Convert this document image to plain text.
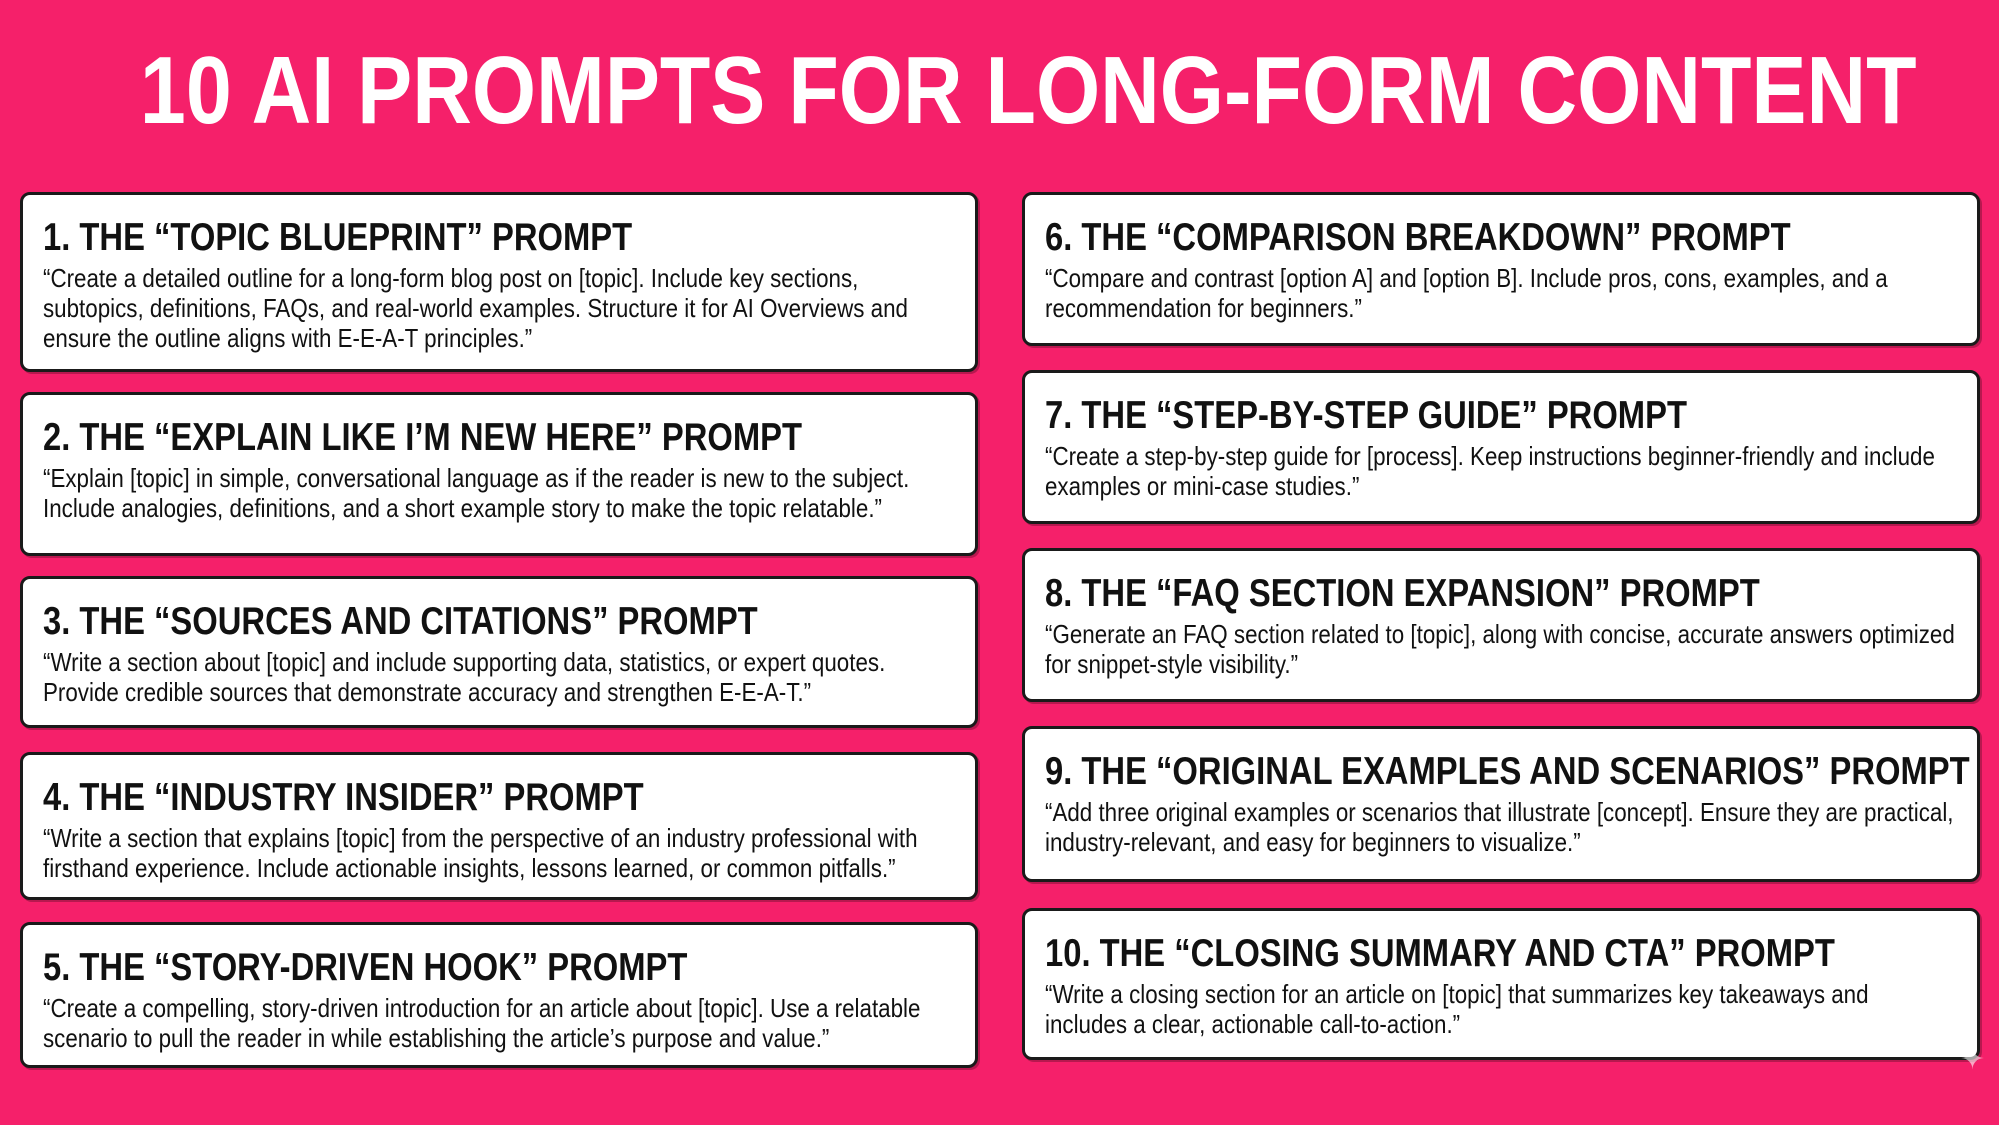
10 AI PROMPTS FOR LONG-FORM CONTENT
1. THE “TOPIC BLUEPRINT” PROMPT
“Create a detailed outline for a long-form blog post on [topic]. Include key sections, subtopics, definitions, FAQs, and real-world examples. Structure it for AI Overviews and ensure the outline aligns with E-E-A-T principles.”
2. THE “EXPLAIN LIKE I’M NEW HERE” PROMPT
“Explain [topic] in simple, conversational language as if the reader is new to the subject. Include analogies, definitions, and a short example story to make the topic relatable.”
3. THE “SOURCES AND CITATIONS” PROMPT
“Write a section about [topic] and include supporting data, statistics, or expert quotes. Provide credible sources that demonstrate accuracy and strengthen E-E-A-T.”
4. THE “INDUSTRY INSIDER” PROMPT
“Write a section that explains [topic] from the perspective of an industry professional with firsthand experience. Include actionable insights, lessons learned, or common pitfalls.”
5. THE “STORY-DRIVEN HOOK” PROMPT
“Create a compelling, story-driven introduction for an article about [topic]. Use a relatable scenario to pull the reader in while establishing the article’s purpose and value.”
6. THE “COMPARISON BREAKDOWN” PROMPT
“Compare and contrast [option A] and [option B]. Include pros, cons, examples, and a recommendation for beginners.”
7. THE “STEP-BY-STEP GUIDE” PROMPT
“Create a step-by-step guide for [process]. Keep instructions beginner-friendly and include examples or mini-case studies.”
8. THE “FAQ SECTION EXPANSION” PROMPT
“Generate an FAQ section related to [topic], along with concise, accurate answers optimized for snippet-style visibility.”
9. THE “ORIGINAL EXAMPLES AND SCENARIOS” PROMPT
“Add three original examples or scenarios that illustrate [concept]. Ensure they are practical, industry-relevant, and easy for beginners to visualize.”
10. THE “CLOSING SUMMARY AND CTA” PROMPT
“Write a closing section for an article on [topic] that summarizes key takeaways and includes a clear, actionable call-to-action.”
✦
